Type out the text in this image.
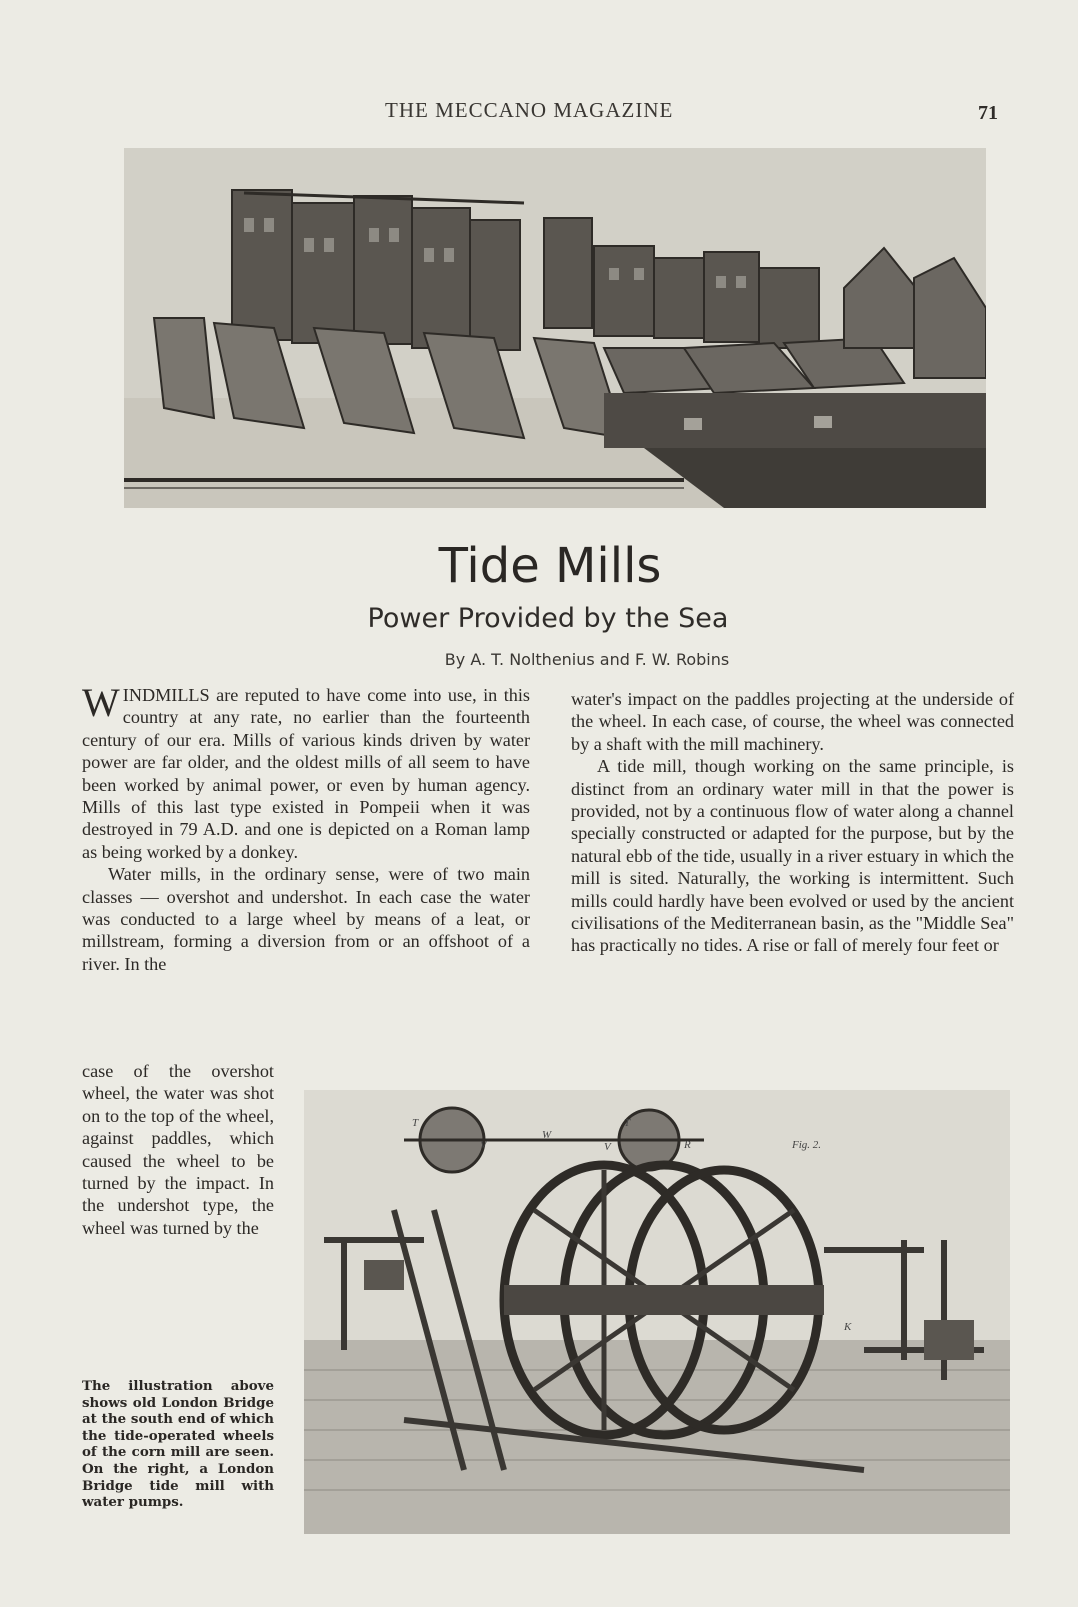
THE MECCANO MAGAZINE	71
Tide Mills
Power Provided by the Sea
By A. T. Nolthenius and F. W. Robins

WINDMILLS are reputed to have come into use, in this country at any rate, no earlier than the fourteenth century of our era. Mills of various kinds driven by water power are far older, and the oldest mills of all seem to have been worked by animal power, or even by human agency. Mills of this last type existed in Pompeii when it was destroyed in 79 A.D. and one is depicted on a Roman lamp as being worked by a donkey.

Water mills, in the ordinary sense, were of two main classes — overshot and undershot. In each case the water was conducted to a large wheel by means of a leat, or millstream, forming a diversion from or an offshoot of a river. In the

case of the overshot wheel, the water was shot on to the top of the wheel, against paddles, which caused the wheel to be turned by the impact. In the undershot type, the wheel was turned by the

The illustration above shows old London Bridge at the south end of which the tide-operated wheels of the corn mill are seen. On the right, a London Bridge tide mill with water pumps.

water's impact on the paddles projecting at the underside of the wheel. In each case, of course, the wheel was connected by a shaft with the mill machinery.

A tide mill, though working on the same principle, is distinct from an ordinary water mill in that the power is provided, not by a continuous flow of water along a channel specially constructed or adapted for the purpose, but by the natural ebb of the tide, usually in a river estuary in which the mill is sited. Naturally, the working is intermittent. Such mills could hardly have been evolved or used by the ancient civilisations of the Mediterranean basin, as the "Middle Sea" has practically no tides. A rise or fall of merely four feet or

Fig. 2.
T
W
V
T
R
V
K
